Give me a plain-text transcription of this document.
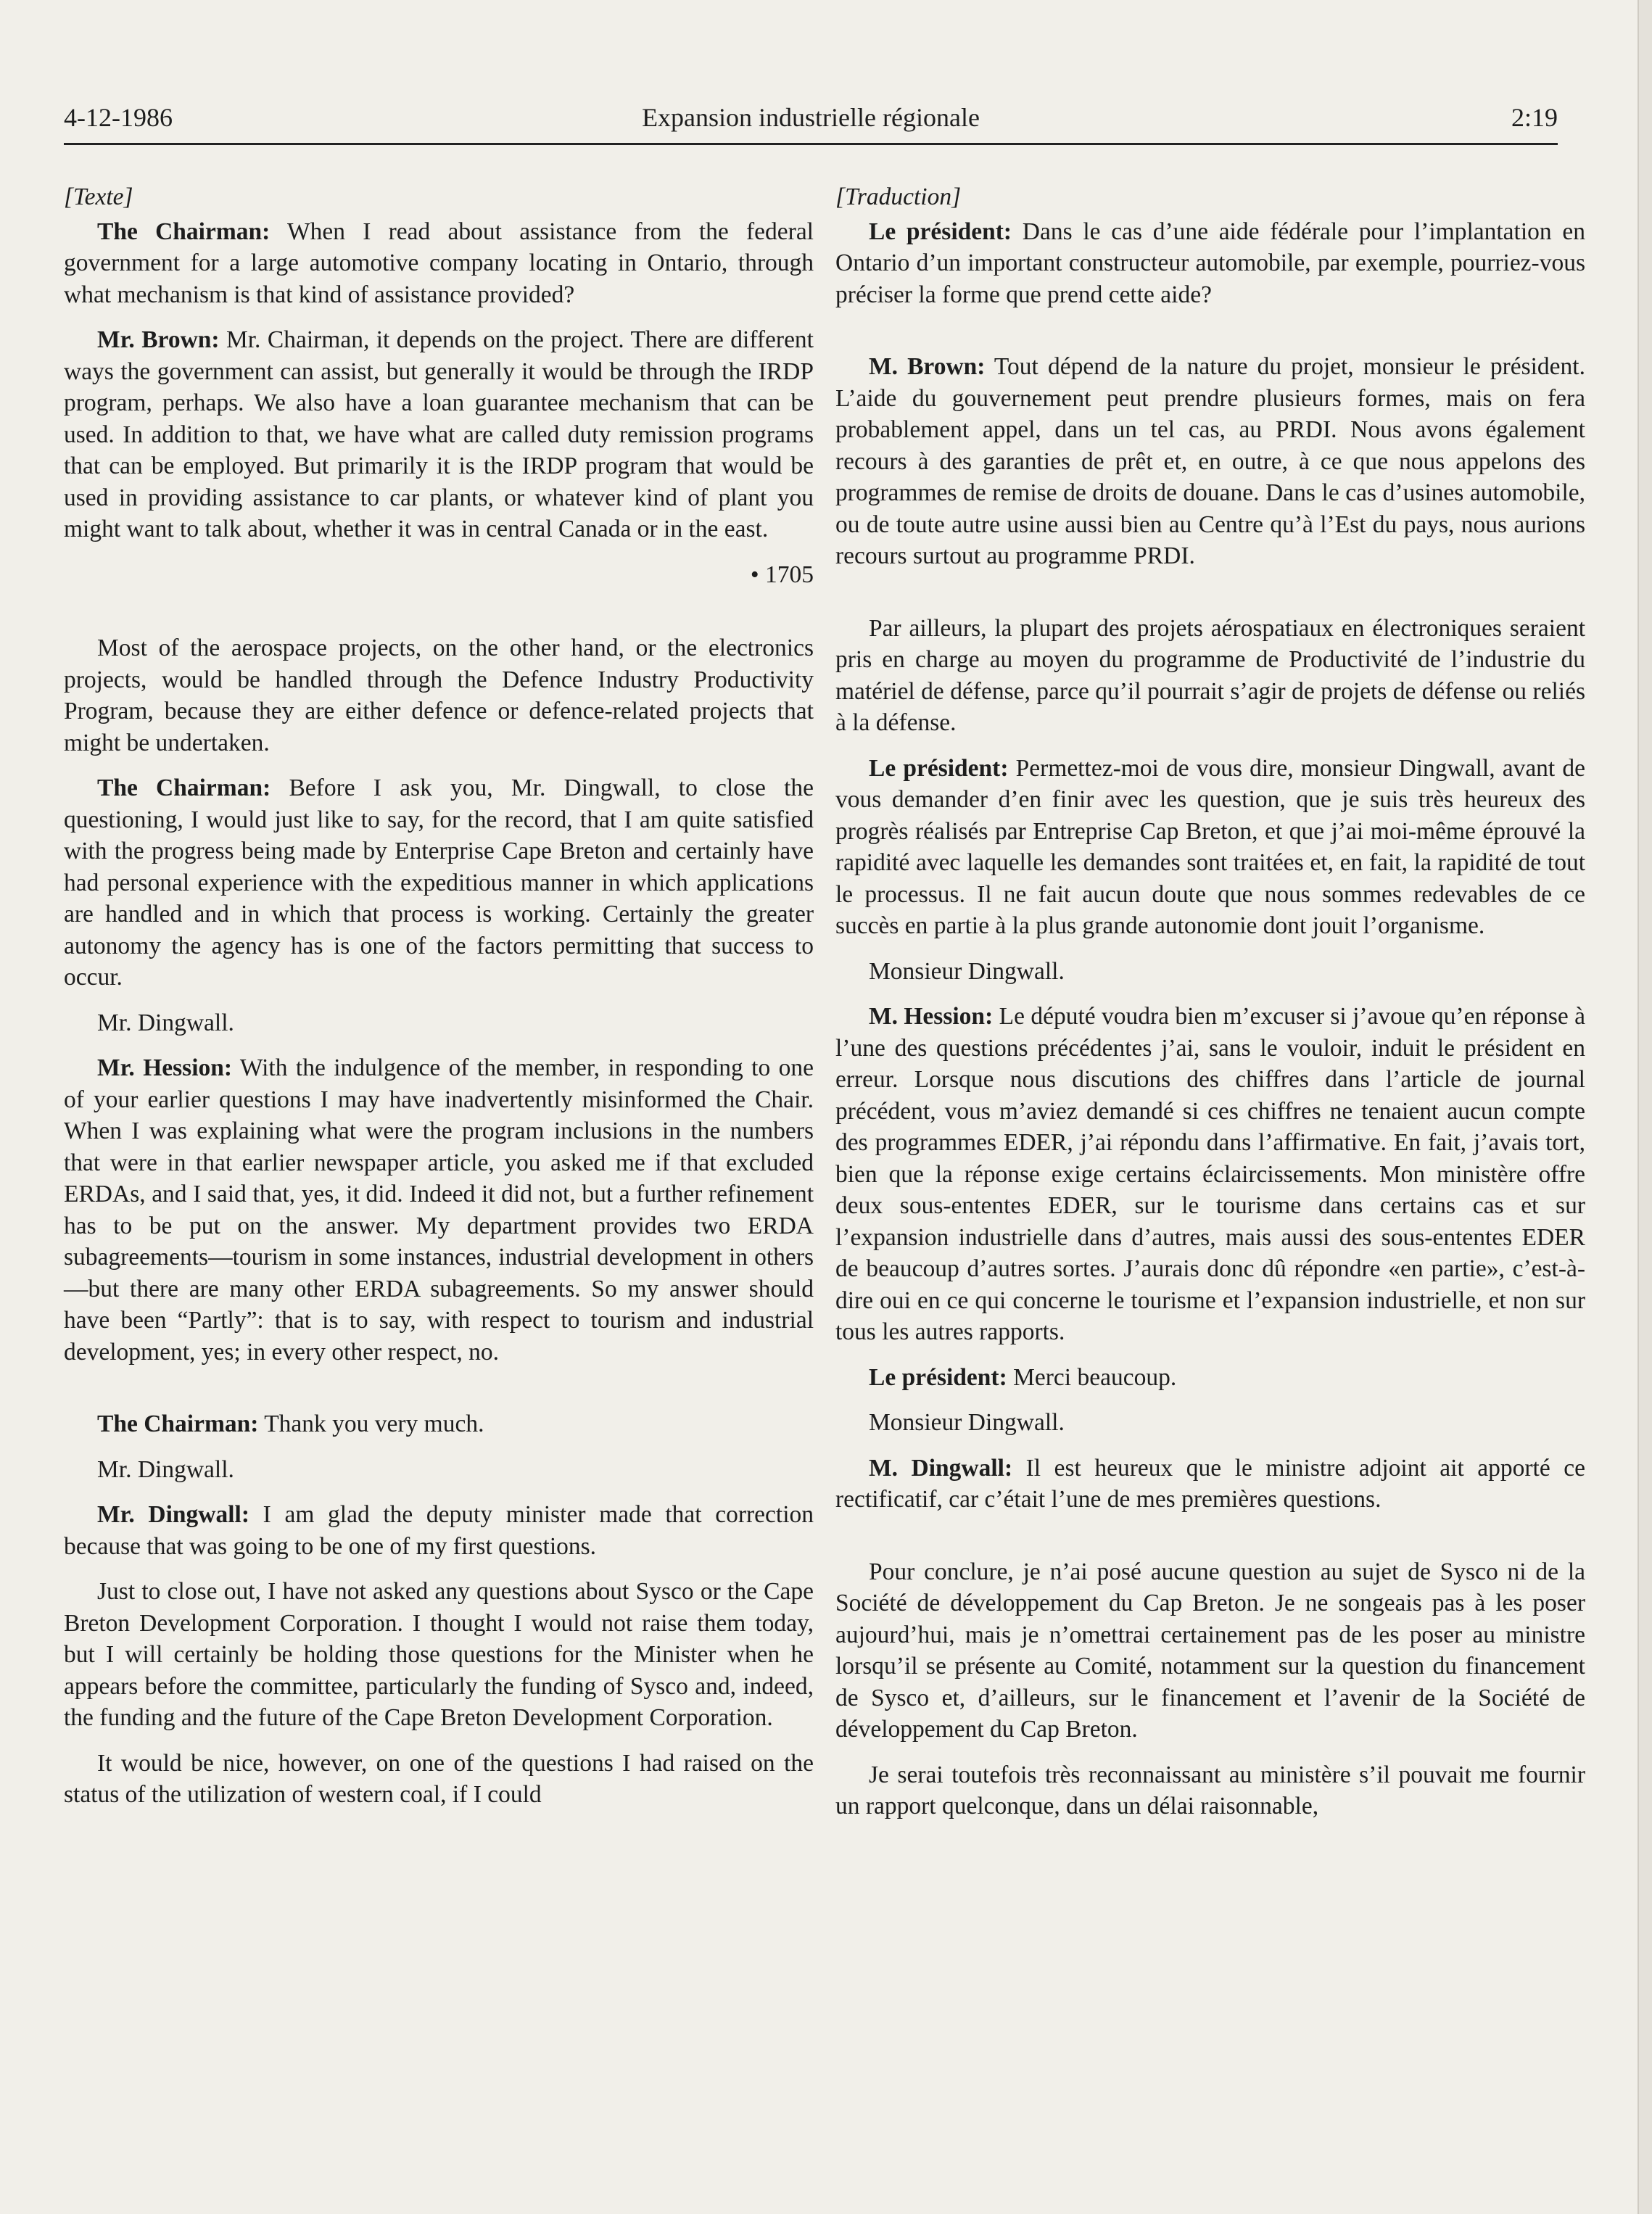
Expansion industrielle régionale
4-12-1986	2:19

[Texte]

The Chairman: When I read about assistance from the federal government for a large automotive company locating in Ontario, through what mechanism is that kind of assistance provided?

Mr. Brown: Mr. Chairman, it depends on the project. There are different ways the government can assist, but generally it would be through the IRDP program, perhaps. We also have a loan guarantee mechanism that can be used. In addition to that, we have what are called duty remission programs that can be employed. But primarily it is the IRDP program that would be used in providing assistance to car plants, or whatever kind of plant you might want to talk about, whether it was in central Canada or in the east.

• 1705

Most of the aerospace projects, on the other hand, or the electronics projects, would be handled through the Defence Industry Productivity Program, because they are either defence or defence-related projects that might be undertaken.

The Chairman: Before I ask you, Mr. Dingwall, to close the questioning, I would just like to say, for the record, that I am quite satisfied with the progress being made by Enterprise Cape Breton and certainly have had personal experience with the expeditious manner in which applications are handled and in which that process is working. Certainly the greater autonomy the agency has is one of the factors permitting that success to occur.

Mr. Dingwall.

Mr. Hession: With the indulgence of the member, in responding to one of your earlier questions I may have inadvertently misinformed the Chair. When I was explaining what were the program inclusions in the numbers that were in that earlier newspaper article, you asked me if that excluded ERDAs, and I said that, yes, it did. Indeed it did not, but a further refinement has to be put on the answer. My department provides two ERDA subagreements—tourism in some instances, industrial development in others—but there are many other ERDA subagreements. So my answer should have been “Partly”: that is to say, with respect to tourism and industrial development, yes; in every other respect, no.

The Chairman: Thank you very much.

Mr. Dingwall.

Mr. Dingwall: I am glad the deputy minister made that correction because that was going to be one of my first questions.

Just to close out, I have not asked any questions about Sysco or the Cape Breton Development Corporation. I thought I would not raise them today, but I will certainly be holding those questions for the Minister when he appears before the committee, particularly the funding of Sysco and, indeed, the funding and the future of the Cape Breton Development Corporation.

It would be nice, however, on one of the questions I had raised on the status of the utilization of western coal, if I could

[Traduction]

Le président: Dans le cas d’une aide fédérale pour l’implantation en Ontario d’un important constructeur automobile, par exemple, pourriez-vous préciser la forme que prend cette aide?

M. Brown: Tout dépend de la nature du projet, monsieur le président. L’aide du gouvernement peut prendre plusieurs formes, mais on fera probablement appel, dans un tel cas, au PRDI. Nous avons également recours à des garanties de prêt et, en outre, à ce que nous appelons des programmes de remise de droits de douane. Dans le cas d’usines automobile, ou de toute autre usine aussi bien au Centre qu’à l’Est du pays, nous aurions recours surtout au programme PRDI.

Par ailleurs, la plupart des projets aérospatiaux en électroniques seraient pris en charge au moyen du programme de Productivité de l’industrie du matériel de défense, parce qu’il pourrait s’agir de projets de défense ou reliés à la défense.

Le président: Permettez-moi de vous dire, monsieur Dingwall, avant de vous demander d’en finir avec les question, que je suis très heureux des progrès réalisés par Entreprise Cap Breton, et que j’ai moi-même éprouvé la rapidité avec laquelle les demandes sont traitées et, en fait, la rapidité de tout le processus. Il ne fait aucun doute que nous sommes redevables de ce succès en partie à la plus grande autonomie dont jouit l’organisme.

Monsieur Dingwall.

M. Hession: Le député voudra bien m’excuser si j’avoue qu’en réponse à l’une des questions précédentes j’ai, sans le vouloir, induit le président en erreur. Lorsque nous discutions des chiffres dans l’article de journal précédent, vous m’aviez demandé si ces chiffres ne tenaient aucun compte des programmes EDER, j’ai répondu dans l’affirmative. En fait, j’avais tort, bien que la réponse exige certains éclaircissements. Mon ministère offre deux sous-ententes EDER, sur le tourisme dans certains cas et sur l’expansion industrielle dans d’autres, mais aussi des sous-ententes EDER de beaucoup d’autres sortes. J’aurais donc dû répondre «en partie», c’est-à-dire oui en ce qui concerne le tourisme et l’expansion industrielle, et non sur tous les autres rapports.

Le président: Merci beaucoup.

Monsieur Dingwall.

M. Dingwall: Il est heureux que le ministre adjoint ait apporté ce rectificatif, car c’était l’une de mes premières questions.

Pour conclure, je n’ai posé aucune question au sujet de Sysco ni de la Société de développement du Cap Breton. Je ne songeais pas à les poser aujourd’hui, mais je n’omettrai certainement pas de les poser au ministre lorsqu’il se présente au Comité, notamment sur la question du financement de Sysco et, d’ailleurs, sur le financement et l’avenir de la Société de développement du Cap Breton.

Je serai toutefois très reconnaissant au ministère s’il pouvait me fournir un rapport quelconque, dans un délai raisonnable,
